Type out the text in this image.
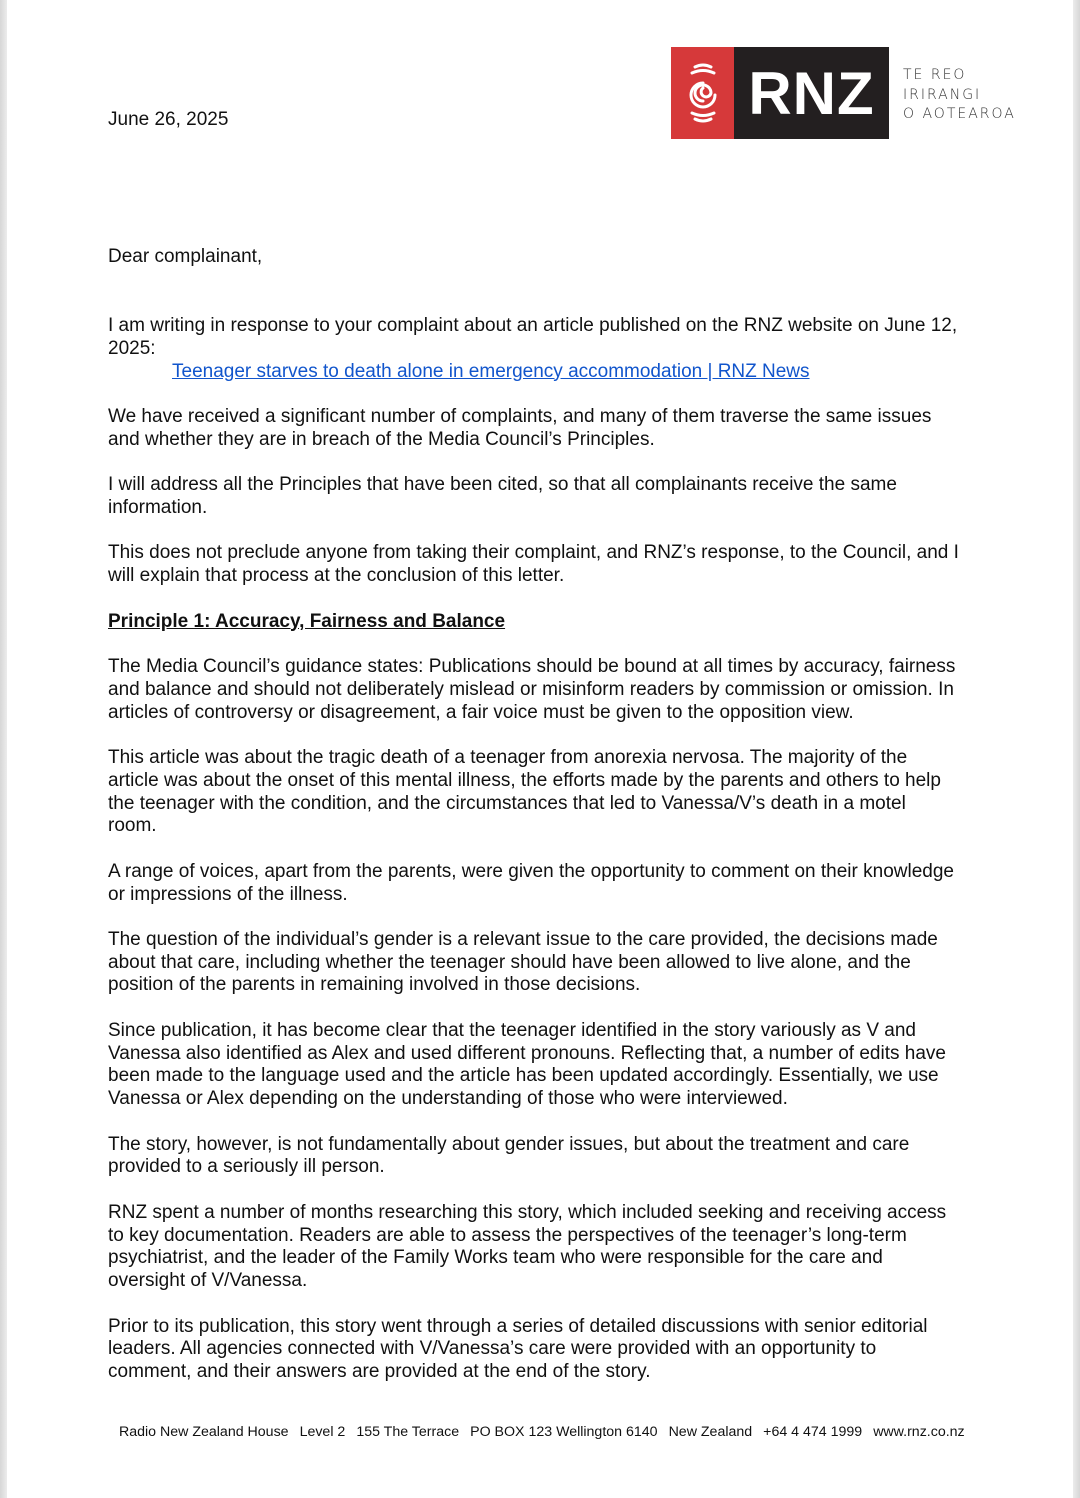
RNZ	TE REO
IRIRANGI
O AOTEAROA
June 26, 2025
Dear complainant,

I am writing in response to your complaint about an article published on the RNZ website on June 12,
2025:
Teenager starves to death alone in emergency accommodation | RNZ News

We have received a significant number of complaints, and many of them traverse the same issues
and whether they are in breach of the Media Council’s Principles.

I will address all the Principles that have been cited, so that all complainants receive the same
information.

This does not preclude anyone from taking their complaint, and RNZ’s response, to the Council, and I
will explain that process at the conclusion of this letter.

Principle 1: Accuracy, Fairness and Balance

The Media Council’s guidance states: Publications should be bound at all times by accuracy, fairness
and balance and should not deliberately mislead or misinform readers by commission or omission. In
articles of controversy or disagreement, a fair voice must be given to the opposition view.

This article was about the tragic death of a teenager from anorexia nervosa. The majority of the
article was about the onset of this mental illness, the efforts made by the parents and others to help
the teenager with the condition, and the circumstances that led to Vanessa/V’s death in a motel
room.

A range of voices, apart from the parents, were given the opportunity to comment on their knowledge
or impressions of the illness.

The question of the individual’s gender is a relevant issue to the care provided, the decisions made
about that care, including whether the teenager should have been allowed to live alone, and the
position of the parents in remaining involved in those decisions.

Since publication, it has become clear that the teenager identified in the story variously as V and
Vanessa also identified as Alex and used different pronouns. Reflecting that, a number of edits have
been made to the language used and the article has been updated accordingly. Essentially, we use
Vanessa or Alex depending on the understanding of those who were interviewed.

The story, however, is not fundamentally about gender issues, but about the treatment and care
provided to a seriously ill person.

RNZ spent a number of months researching this story, which included seeking and receiving access
to key documentation. Readers are able to assess the perspectives of the teenager’s long-term
psychiatrist, and the leader of the Family Works team who were responsible for the care and
oversight of V/Vanessa.

Prior to its publication, this story went through a series of detailed discussions with senior editorial
leaders. All agencies connected with V/Vanessa’s care were provided with an opportunity to
comment, and their answers are provided at the end of the story.

Radio New Zealand House Level 2 155 The Terrace PO BOX 123 Wellington 6140 New Zealand +64 4 474 1999 www.rnz.co.nz
